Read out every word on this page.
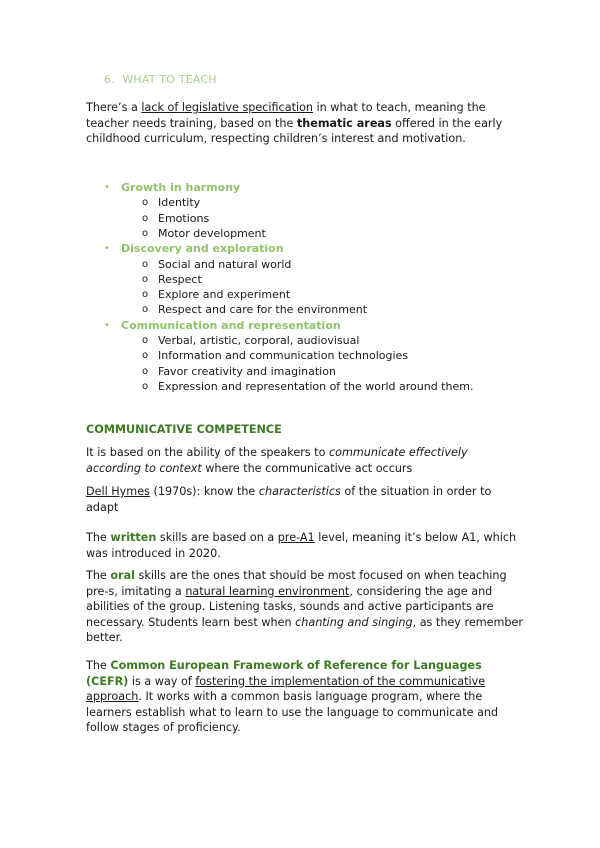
6. WHAT TO TEACH
There’s a lack of legislative specification in what to teach, meaning the teacher needs training, based on the thematic areas offered in the early childhood curriculum, respecting children’s interest and motivation.
• Growth in harmony
o Identity
o Emotions
o Motor development
• Discovery and exploration
o Social and natural world
o Respect
o Explore and experiment
o Respect and care for the environment
• Communication and representation
o Verbal, artistic, corporal, audiovisual
o Information and communication technologies
o Favor creativity and imagination
o Expression and representation of the world around them.
COMMUNICATIVE COMPETENCE
It is based on the ability of the speakers to communicate effectively according to context where the communicative act occurs
Dell Hymes (1970s): know the characteristics of the situation in order to adapt
The written skills are based on a pre-A1 level, meaning it’s below A1, which was introduced in 2020.
The oral skills are the ones that should be most focused on when teaching pre-s, imitating a natural learning environment, considering the age and abilities of the group. Listening tasks, sounds and active participants are necessary. Students learn best when chanting and singing, as they remember better.
The Common European Framework of Reference for Languages (CEFR) is a way of fostering the implementation of the communicative approach. It works with a common basis language program, where the learners establish what to learn to use the language to communicate and follow stages of proficiency.
